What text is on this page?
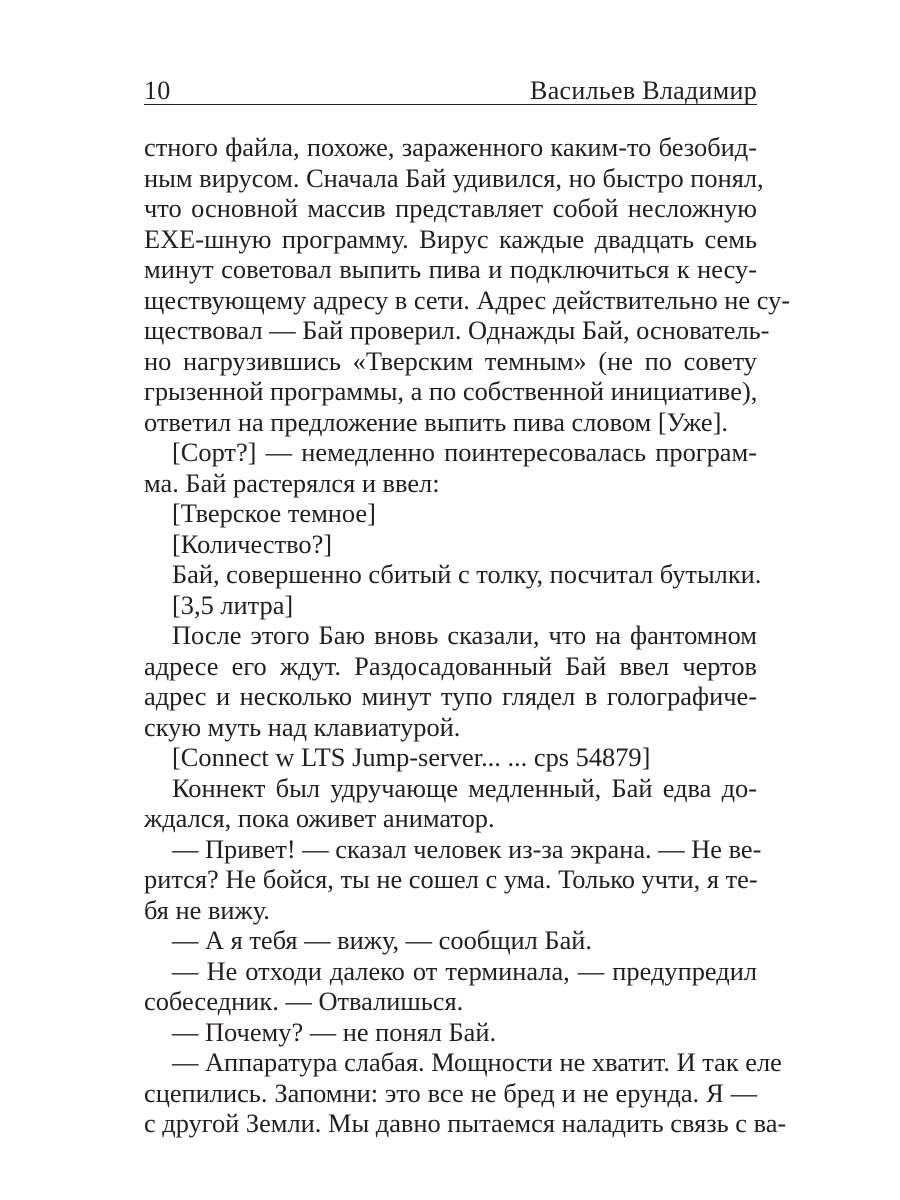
10	Васильев Владимир
стного файла, похоже, зараженного каким-то безобид-
ным вирусом. Сначала Бай удивился, но быстро понял,
что основной массив представляет собой несложную
EXE-шную программу. Вирус каждые двадцать семь
минут советовал выпить пива и подключиться к несу-
ществующему адресу в сети. Адрес действительно не су-
ществовал — Бай проверил. Однажды Бай, основатель-
но нагрузившись «Тверским темным» (не по совету
грызенной программы, а по собственной инициативе),
ответил на предложение выпить пива словом [Уже].
[Сорт?] — немедленно поинтересовалась програм-
ма. Бай растерялся и ввел:
[Тверское темное]
[Количество?]
Бай, совершенно сбитый с толку, посчитал бутылки.
[3,5 литра]
После этого Баю вновь сказали, что на фантомном
адресе его ждут. Раздосадованный Бай ввел чертов
адрес и несколько минут тупо глядел в голографиче-
скую муть над клавиатурой.
[Connect w LTS Jump-server... ... cps 54879]
Коннект был удручающе медленный, Бай едва до-
ждался, пока оживет аниматор.
— Привет! — сказал человек из-за экрана. — Не ве-
рится? Не бойся, ты не сошел с ума. Только учти, я те-
бя не вижу.
— А я тебя — вижу, — сообщил Бай.
— Не отходи далеко от терминала, — предупредил
собеседник. — Отвалишься.
— Почему? — не понял Бай.
— Аппаратура слабая. Мощности не хватит. И так еле
сцепились. Запомни: это все не бред и не ерунда. Я —
с другой Земли. Мы давно пытаемся наладить связь с ва-
